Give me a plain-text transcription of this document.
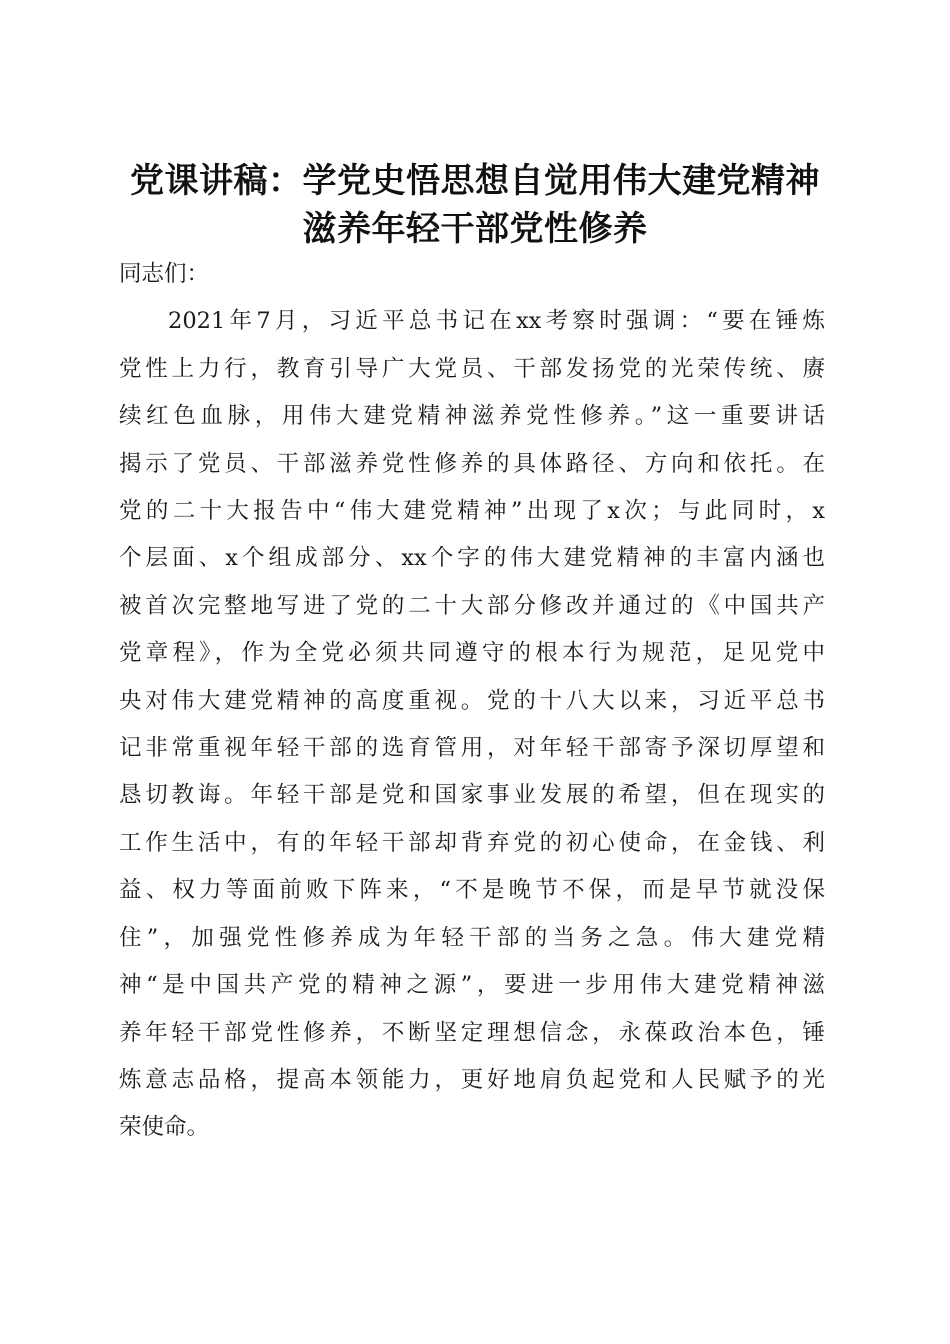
党课讲稿：学党史悟思想自觉用伟大建党精神
滋养年轻干部党性修养
同志们：
2021年7月，习近平总书记在xx考察时强调：“要在锤炼
党性上力行，教育引导广大党员、干部发扬党的光荣传统、赓
续红色血脉，用伟大建党精神滋养党性修养。”这一重要讲话
揭示了党员、干部滋养党性修养的具体路径、方向和依托。在
党的二十大报告中“伟大建党精神”出现了x次；与此同时，x
个层面、x个组成部分、xx个字的伟大建党精神的丰富内涵也
被首次完整地写进了党的二十大部分修改并通过的《中国共产
党章程》，作为全党必须共同遵守的根本行为规范，足见党中
央对伟大建党精神的高度重视。党的十八大以来，习近平总书
记非常重视年轻干部的选育管用，对年轻干部寄予深切厚望和
恳切教诲。年轻干部是党和国家事业发展的希望，但在现实的
工作生活中，有的年轻干部却背弃党的初心使命，在金钱、利
益、权力等面前败下阵来，“不是晚节不保，而是早节就没保
住”，加强党性修养成为年轻干部的当务之急。伟大建党精
神“是中国共产党的精神之源”，要进一步用伟大建党精神滋
养年轻干部党性修养，不断坚定理想信念，永葆政治本色，锤
炼意志品格，提高本领能力，更好地肩负起党和人民赋予的光
荣使命。
